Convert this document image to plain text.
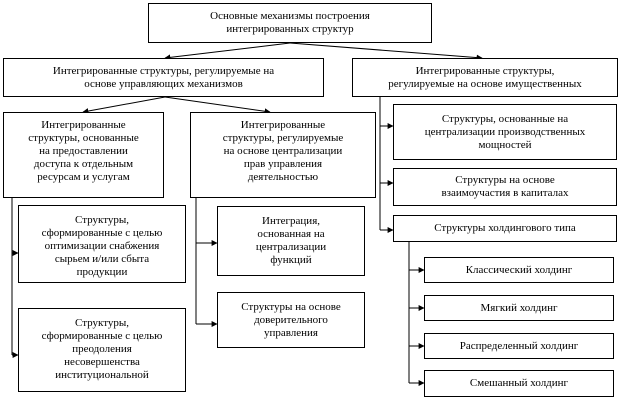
Основные механизмы построения
интегрированных структур
Интегрированные структуры, регулируемые на
основе управляющих механизмов
Интегрированные структуры,
регулируемые на основе имущественных
Интегрированные
структуры, основанные
на предоставлении
доступа к отдельным
ресурсам и услугам
Интегрированные
структуры, регулируемые
на основе централизации
прав управления
деятельностью
Структуры,
сформированные с целью
оптимизации снабжения
сырьем и/или сбыта
продукции
Структуры,
сформированные с целью
преодоления
несовершенства
институциональной
Интеграция,
основанная на
централизации
функций
Структуры на основе
доверительного
управления
Структуры, основанные на
централизации производственных
мощностей
Структуры на основе
взаимоучастия в капиталах
Структуры холдингового типа
Классический холдинг
Мягкий холдинг
Распределенный холдинг
Смешанный холдинг
